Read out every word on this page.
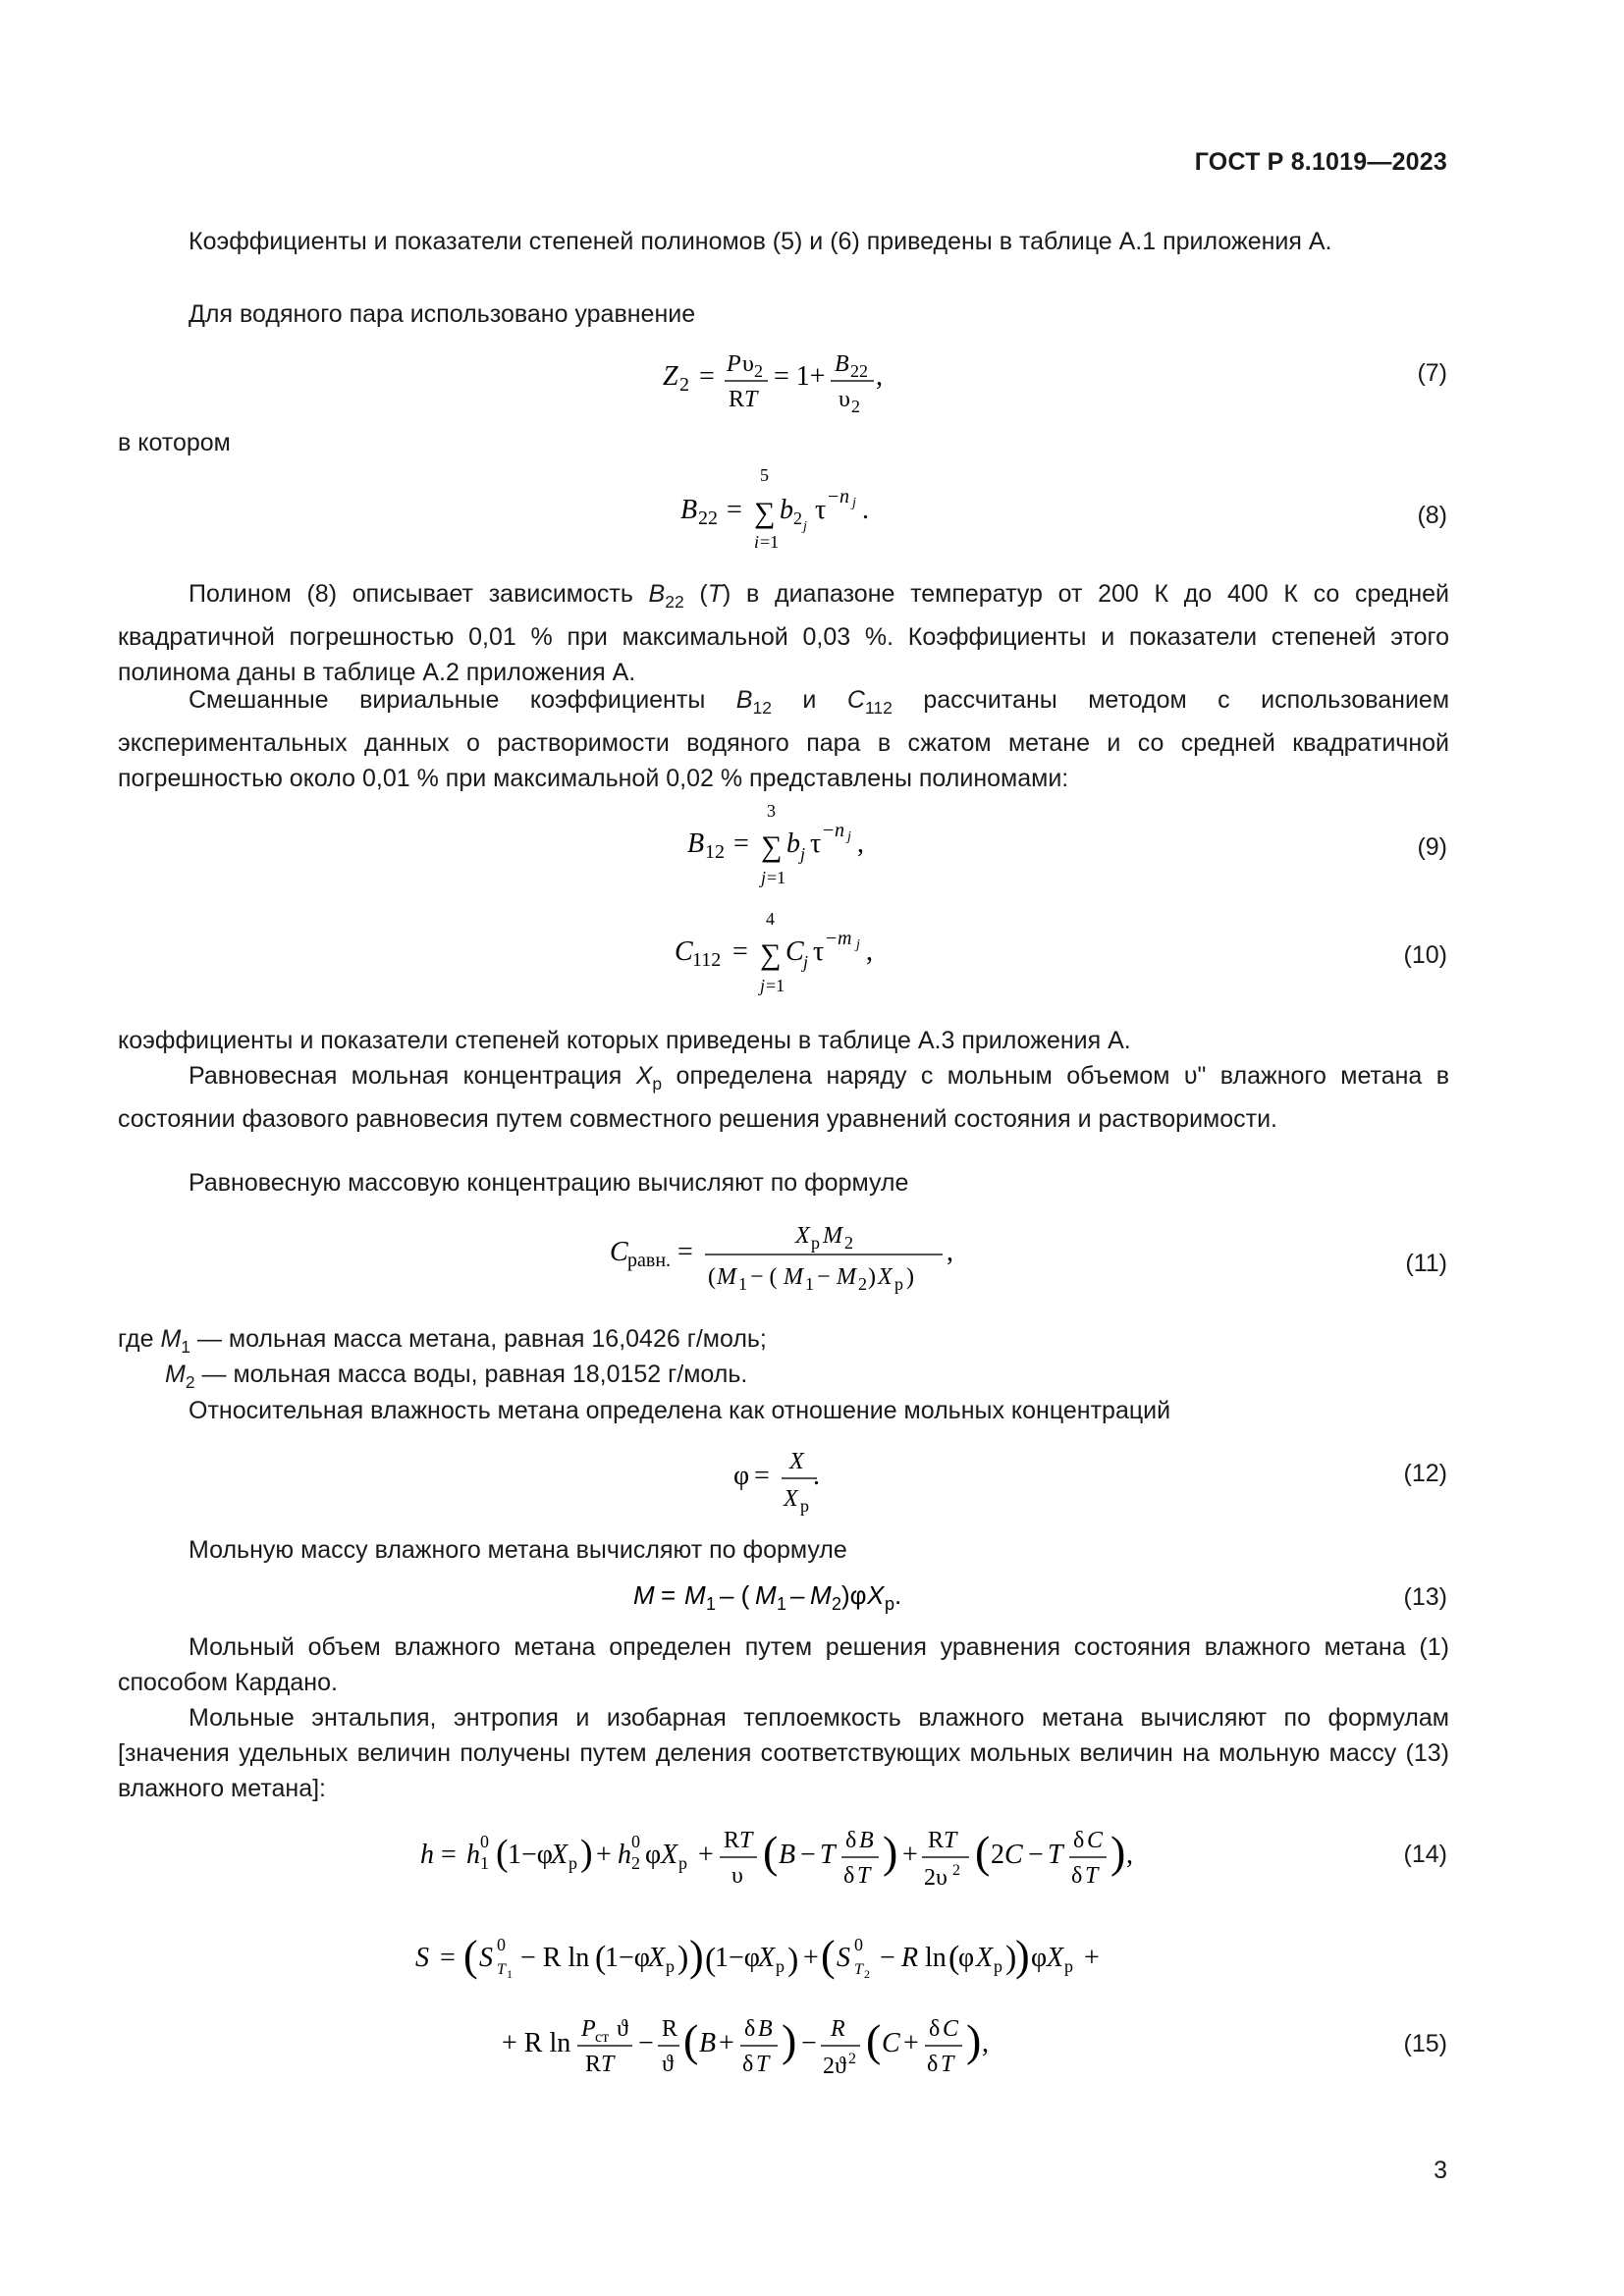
ГОСТ Р 8.1019—2023
Коэффициенты и показатели степеней полиномов (5) и (6) приведены в таблице А.1 приложения А.
Для водяного пара использовано уравнение
Z 2 = P υ 2
R T
= 1+ B 22
υ 2
,	(7)
в котором
B 22 =
5
∑
i =1
b 2 j
τ − n j .	(8)
Полином (8) описывает зависимость $B_{22}$ (T) в диапазоне температур от 200 К до 400 К со средней квадратичной погрешностью 0,01 % при максимальной 0,03 %. Коэффициенты и показатели степеней этого полинома даны в таблице А.2 приложения А.
Смешанные вириальные коэффициенты $B_{12}$ и $C_{112}$ рассчитаны методом с использованием экспериментальных данных о растворимости водяного пара в сжатом метане и со средней квадратичной погрешностью около 0,01 % при максимальной 0,02 % представлены полиномами:
B 12 =
3
∑
j =1
b j τ − n j ,	(9)
C 112 =
4
∑
j =1
C j τ − m j ,	(10)
коэффициенты и показатели степеней которых приведены в таблице А.3 приложения А.
Равновесная мольная концентрация $X_р$ определена наряду с мольным объемом υ" влажного метана в состоянии фазового равновесия путем совместного решения уравнений состояния и растворимости.
Равновесную массовую концентрацию вычисляют по формуле
C равн. =
X р M 2
( M 1 − ( M 1 − M 2 ) X р )
,	(11)
где $M_1$ — мольная масса метана, равная 16,0426 г/моль;
$M_2$ — мольная масса воды, равная 18,0152 г/моль.
Относительная влажность метана определена как отношение мольных концентраций
φ = X
X р
.	(12)
Мольную массу влажного метана вычисляют по формуле
M = M 1 – ( M 1 – M 2 )φ X р .	(13)
Мольный объем влажного метана определен путем решения уравнения состояния влажного метана (1) способом Кардано.
Мольные энтальпия, энтропия и изобарная теплоемкость влажного метана вычисляют по формулам [значения удельных величин получены путем деления соответствующих мольных величин на мольную массу (13) влажного метана]:
h = h 1
0 ( 1−φ
X р ) + h 2
0 φ X р + R T
υ ( B − T δ B
δ T ) + R T
2υ 2 ( 2 C − T δ C
δ T ) ,	(14)
S = ( S 0
T 1
− R ln (
1−φ
X р ) ) (
1−φ
X р ) + ( S 0
T 2
− R ln (
φ X р )
) φ X р +
+ R ln P ст ϑ
R T
− R
ϑ ( B + δ B
δ T ) − R
2ϑ 2 ( C + δ C
δ T ) ,	(15)
3
